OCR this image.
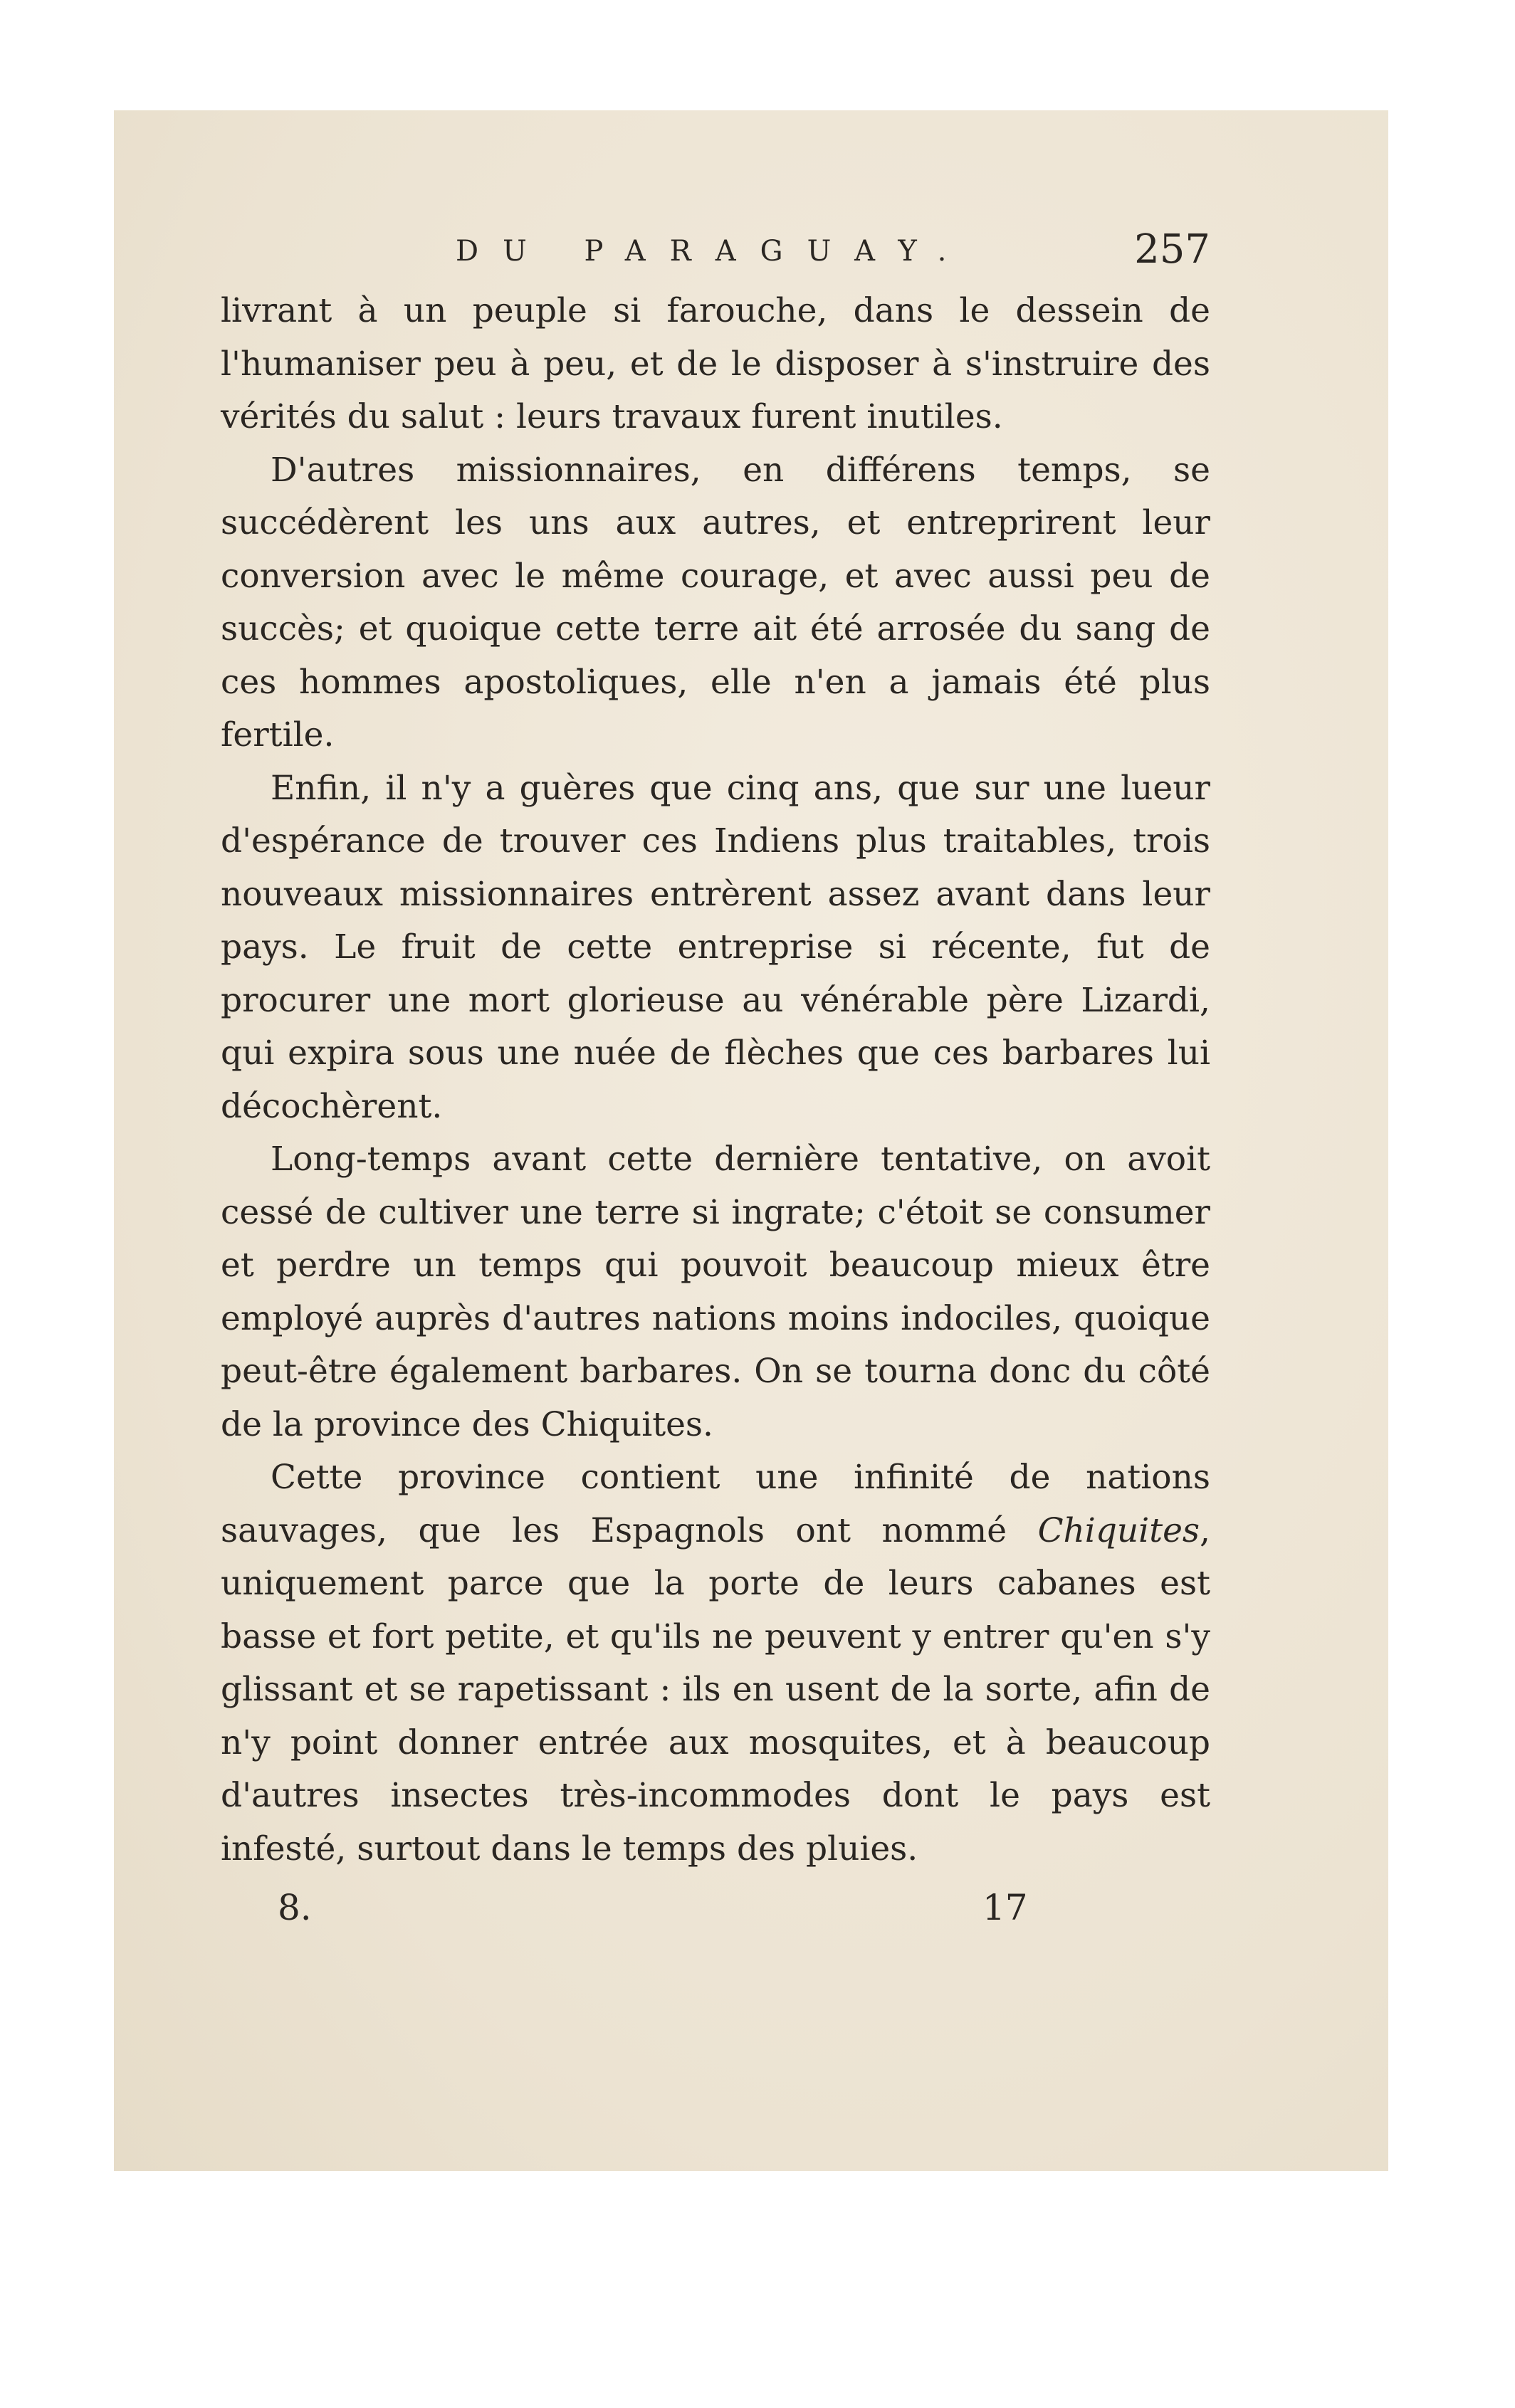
DU PARAGUAY.	257

livrant à un peuple si farouche, dans le dessein de l'humaniser peu à peu, et de le disposer à s'instruire des vérités du salut : leurs travaux furent inutiles.

D'autres missionnaires, en différens temps, se succédèrent les uns aux autres, et entreprirent leur conversion avec le même courage, et avec aussi peu de succès; et quoique cette terre ait été arrosée du sang de ces hommes apostoliques, elle n'en a jamais été plus fertile.

Enfin, il n'y a guères que cinq ans, que sur une lueur d'espérance de trouver ces Indiens plus traitables, trois nouveaux missionnaires entrèrent assez avant dans leur pays. Le fruit de cette entreprise si récente, fut de procurer une mort glorieuse au vénérable père Lizardi, qui expira sous une nuée de flèches que ces barbares lui décochèrent.

Long-temps avant cette dernière tentative, on avoit cessé de cultiver une terre si ingrate; c'étoit se consumer et perdre un temps qui pouvoit beaucoup mieux être employé auprès d'autres nations moins indociles, quoique peut-être également barbares. On se tourna donc du côté de la province des Chiquites.

Cette province contient une infinité de nations sauvages, que les Espagnols ont nommé Chiquites, uniquement parce que la porte de leurs cabanes est basse et fort petite, et qu'ils ne peuvent y entrer qu'en s'y glissant et se rapetissant : ils en usent de la sorte, afin de n'y point donner entrée aux mosquites, et à beaucoup d'autres insectes très-incommodes dont le pays est infesté, surtout dans le temps des pluies.

8.	17
